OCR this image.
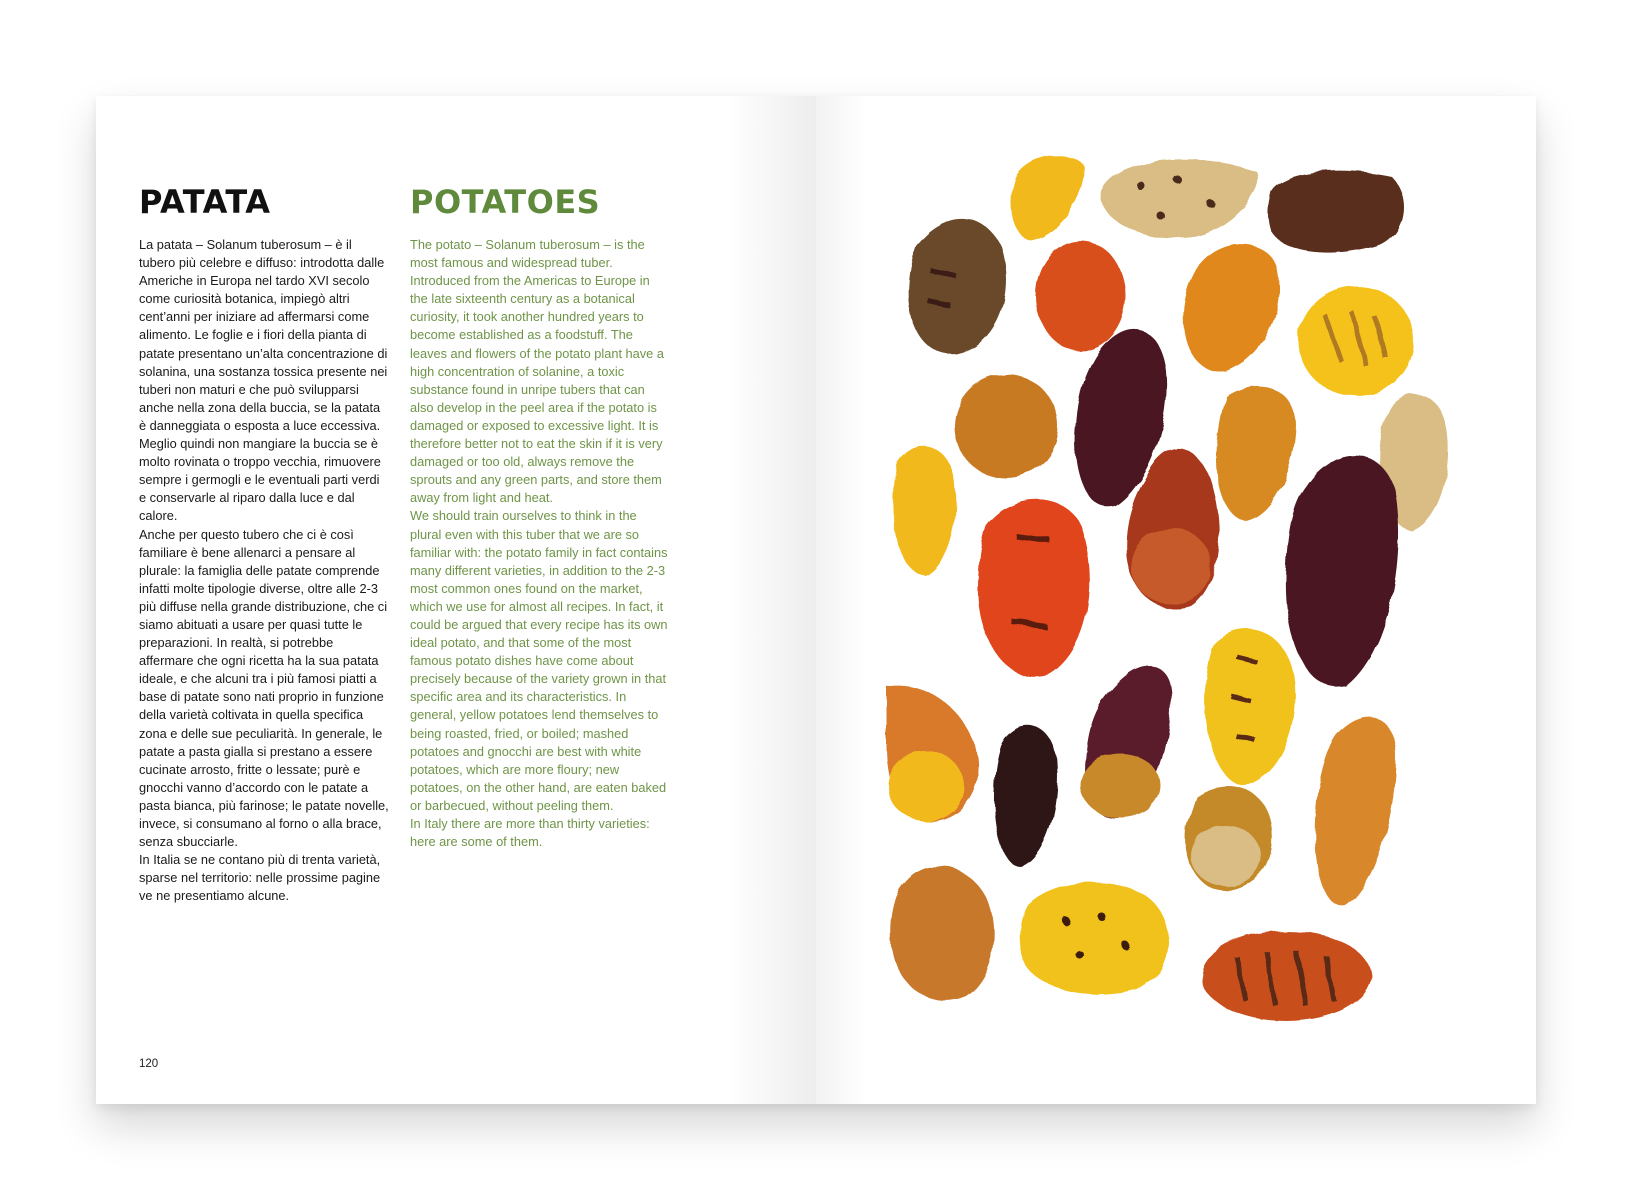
PATATA

La patata – Solanum tuberosum – è il tubero più celebre e diffuso: introdotta dalle Americhe in Europa nel tardo XVI secolo come curiosità botanica, impiegò altri cent’anni per iniziare ad affermarsi come alimento. Le foglie e i fiori della pianta di patate presentano un’alta concentrazione di solanina, una sostanza tossica presente nei tuberi non maturi e che può svilupparsi anche nella zona della buccia, se la patata è danneggiata o esposta a luce eccessiva. Meglio quindi non mangiare la buccia se è molto rovinata o troppo vecchia, rimuovere sempre i germogli e le eventuali parti verdi e conservarle al riparo dalla luce e dal calore.

Anche per questo tubero che ci è così familiare è bene allenarci a pensare al plurale: la famiglia delle patate comprende infatti molte tipologie diverse, oltre alle 2-3 più diffuse nella grande distribuzione, che ci siamo abituati a usare per quasi tutte le preparazioni. In realtà, si potrebbe affermare che ogni ricetta ha la sua patata ideale, e che alcuni tra i più famosi piatti a base di patate sono nati proprio in funzione della varietà coltivata in quella specifica zona e delle sue peculiarità. In generale, le patate a pasta gialla si prestano a essere cucinate arrosto, fritte o lessate; purè e gnocchi vanno d’accordo con le patate a pasta bianca, più farinose; le patate novelle, invece, si consumano al forno o alla brace, senza sbucciarle.

In Italia se ne contano più di trenta varietà, sparse nel territorio: nelle prossime pagine ve ne presentiamo alcune.

POTATOES

The potato – Solanum tuberosum – is the most famous and widespread tuber. Introduced from the Americas to Europe in the late sixteenth century as a botanical curiosity, it took another hundred years to become established as a foodstuff. The leaves and flowers of the potato plant have a high concentration of solanine, a toxic substance found in unripe tubers that can also develop in the peel area if the potato is damaged or exposed to excessive light. It is therefore better not to eat the skin if it is very damaged or too old, always remove the sprouts and any green parts, and store them away from light and heat.

We should train ourselves to think in the plural even with this tuber that we are so familiar with: the potato family in fact contains many different varieties, in addition to the 2-3 most common ones found on the market, which we use for almost all recipes. In fact, it could be argued that every recipe has its own ideal potato, and that some of the most famous potato dishes have come about precisely because of the variety grown in that specific area and its characteristics. In general, yellow potatoes lend themselves to being roasted, fried, or boiled; mashed potatoes and gnocchi are best with white potatoes, which are more floury; new potatoes, on the other hand, are eaten baked or barbecued, without peeling them.

In Italy there are more than thirty varieties: here are some of them.

120
